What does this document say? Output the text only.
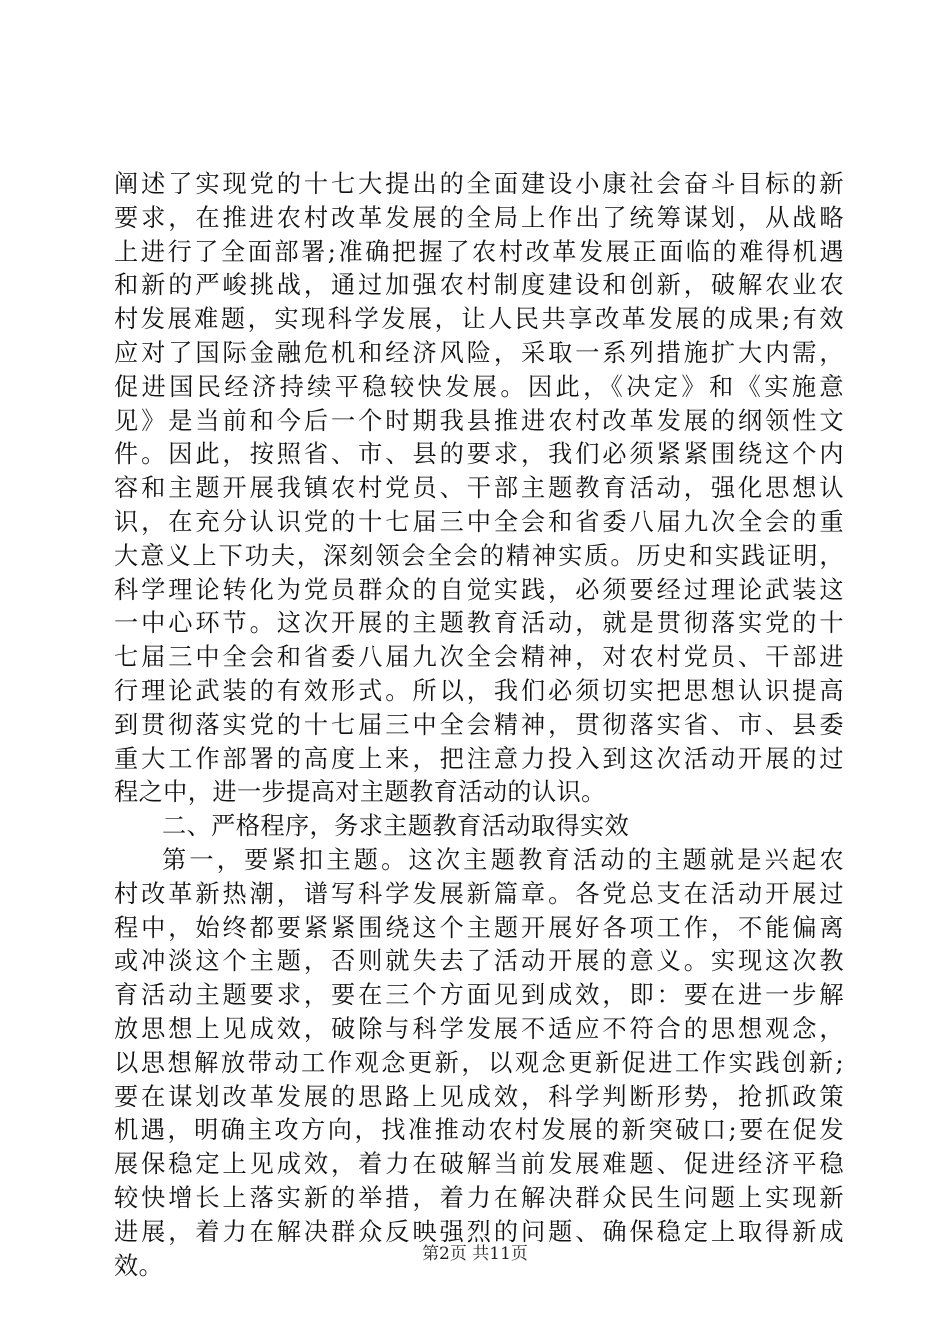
阐述了实现党的十七大提出的全面建设小康社会奋斗目标的新
要求，在推进农村改革发展的全局上作出了统筹谋划，从战略
上进行了全面部署;准确把握了农村改革发展正面临的难得机遇
和新的严峻挑战，通过加强农村制度建设和创新，破解农业农
村发展难题，实现科学发展，让人民共享改革发展的成果;有效
应对了国际金融危机和经济风险，采取一系列措施扩大内需，
促进国民经济持续平稳较快发展。因此，《决定》和《实施意
见》是当前和今后一个时期我县推进农村改革发展的纲领性文
件。因此，按照省、市、县的要求，我们必须紧紧围绕这个内
容和主题开展我镇农村党员、干部主题教育活动，强化思想认
识，在充分认识党的十七届三中全会和省委八届九次全会的重
大意义上下功夫，深刻领会全会的精神实质。历史和实践证明，
科学理论转化为党员群众的自觉实践，必须要经过理论武装这
一中心环节。这次开展的主题教育活动，就是贯彻落实党的十
七届三中全会和省委八届九次全会精神，对农村党员、干部进
行理论武装的有效形式。所以，我们必须切实把思想认识提高
到贯彻落实党的十七届三中全会精神，贯彻落实省、市、县委
重大工作部署的高度上来，把注意力投入到这次活动开展的过
程之中，进一步提高对主题教育活动的认识。
二、严格程序，务求主题教育活动取得实效
第一，要紧扣主题。这次主题教育活动的主题就是兴起农
村改革新热潮，谱写科学发展新篇章。各党总支在活动开展过
程中，始终都要紧紧围绕这个主题开展好各项工作，不能偏离
或冲淡这个主题，否则就失去了活动开展的意义。实现这次教
育活动主题要求，要在三个方面见到成效，即：要在进一步解
放思想上见成效，破除与科学发展不适应不符合的思想观念，
以思想解放带动工作观念更新，以观念更新促进工作实践创新;
要在谋划改革发展的思路上见成效，科学判断形势，抢抓政策
机遇，明确主攻方向，找准推动农村发展的新突破口;要在促发
展保稳定上见成效，着力在破解当前发展难题、促进经济平稳
较快增长上落实新的举措，着力在解决群众民生问题上实现新
进展，着力在解决群众反映强烈的问题、确保稳定上取得新成
效。	第2页 共11页
